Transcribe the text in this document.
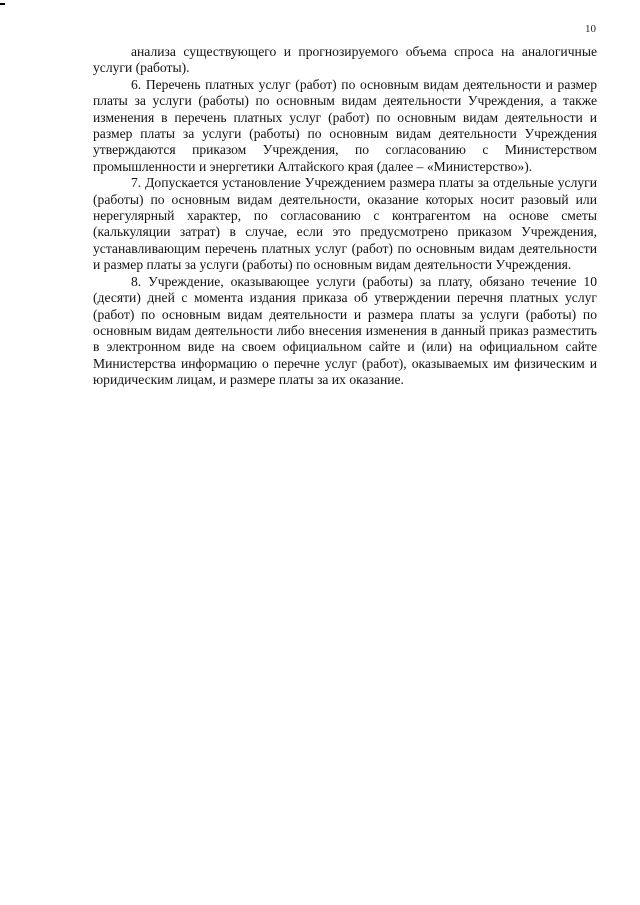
10

анализа существующего и прогнозируемого объема спроса на аналогичные услуги (работы).

6. Перечень платных услуг (работ) по основным видам деятельности и размер платы за услуги (работы) по основным видам деятельности Учреждения, а также изменения в перечень платных услуг (работ) по основным видам деятельности и размер платы за услуги (работы) по основным видам деятельности Учреждения утверждаются приказом Учреждения, по согласованию с Министерством промышленности и энергетики Алтайского края (далее – «Министерство»).

7. Допускается установление Учреждением размера платы за отдельные услуги (работы) по основным видам деятельности, оказание которых носит разовый или нерегулярный характер, по согласованию с контрагентом на основе сметы (калькуляции затрат) в случае, если это предусмотрено приказом Учреждения, устанавливающим перечень платных услуг (работ) по основным видам деятельности и размер платы за услуги (работы) по основным видам деятельности Учреждения.

8. Учреждение, оказывающее услуги (работы) за плату, обязано течение 10 (десяти) дней с момента издания приказа об утверждении перечня платных услуг (работ) по основным видам деятельности и размера платы за услуги (работы) по основным видам деятельности либо внесения изменения в данный приказ разместить в электронном виде на своем официальном сайте и (или) на официальном сайте Министерства информацию о перечне услуг (работ), оказываемых им физическим и юридическим лицам, и размере платы за их оказание.
